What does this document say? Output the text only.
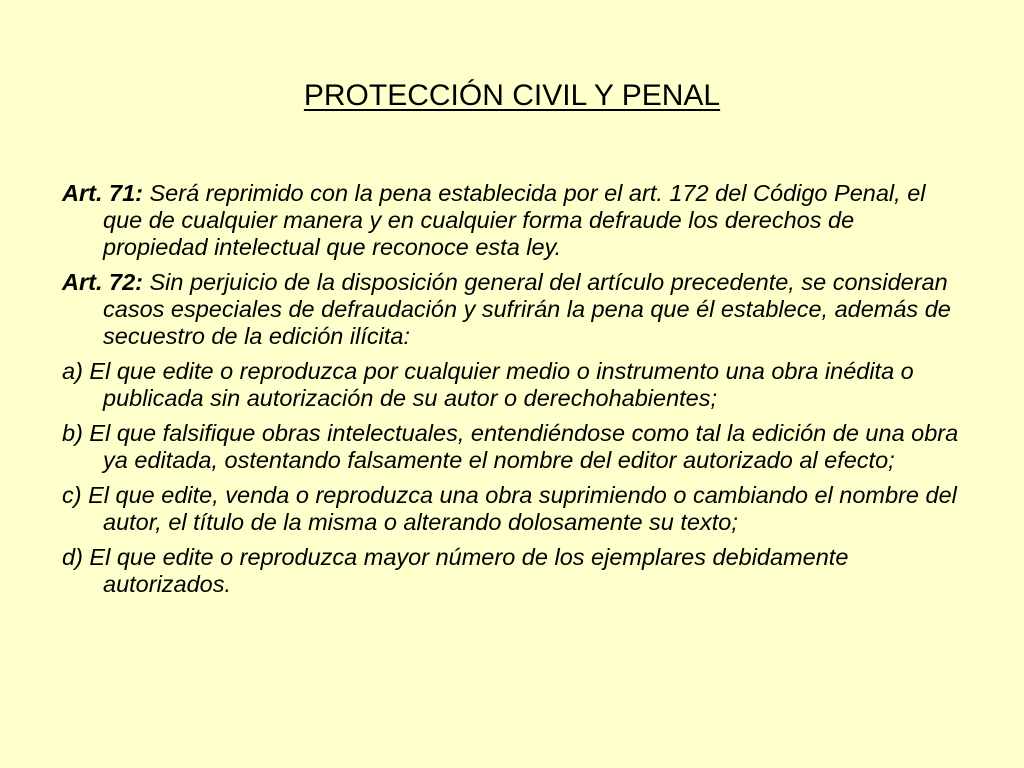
PROTECCIÓN CIVIL Y PENAL
Art. 71: Será reprimido con la pena establecida por el art. 172 del Código Penal, el que de cualquier manera y en cualquier forma defraude los derechos de propiedad intelectual que reconoce esta ley.
Art. 72: Sin perjuicio de la disposición general del artículo precedente, se consideran casos especiales de defraudación y sufrirán la pena que él establece, además de secuestro de la edición ilícita:
a) El que edite o reproduzca por cualquier medio o instrumento una obra inédita o publicada sin autorización de su autor o derechohabientes;
b) El que falsifique obras intelectuales, entendiéndose como tal la edición de una obra ya editada, ostentando falsamente el nombre del editor autorizado al efecto;
c) El que edite, venda o reproduzca una obra suprimiendo o cambiando el nombre del autor, el título de la misma o alterando dolosamente su texto;
d) El que edite o reproduzca mayor número de los ejemplares debidamente autorizados.
